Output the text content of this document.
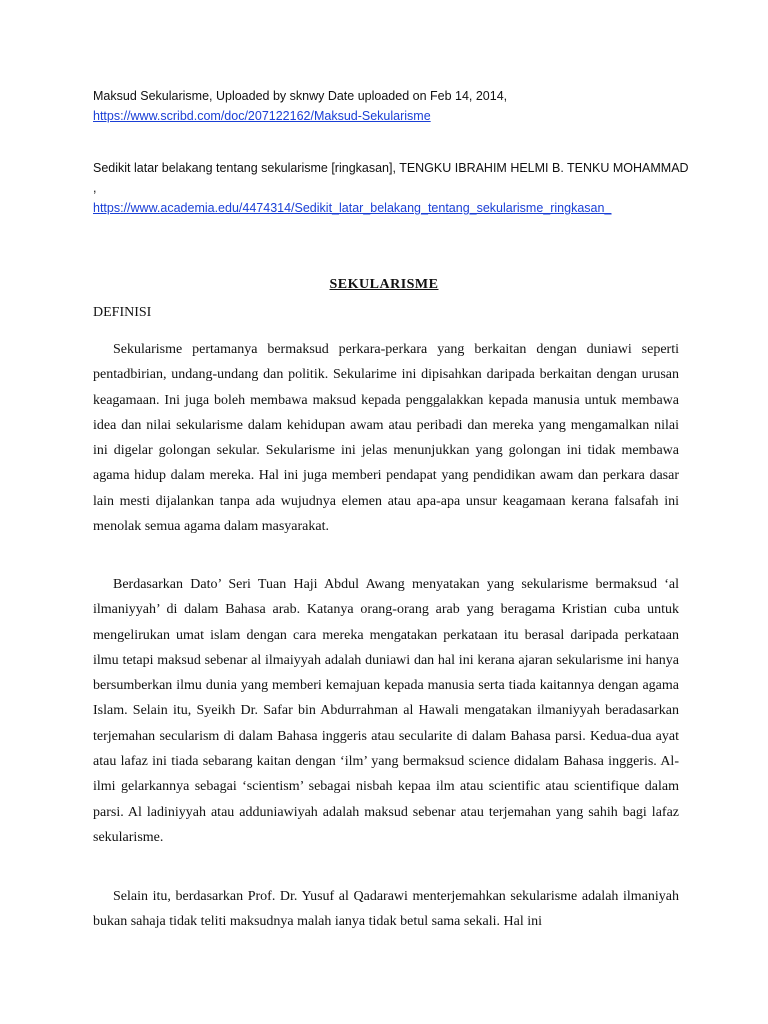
Maksud Sekularisme, Uploaded by sknwy Date uploaded on Feb 14, 2014,
https://www.scribd.com/doc/207122162/Maksud-Sekularisme
Sedikit latar belakang tentang sekularisme [ringkasan], TENGKU IBRAHIM HELMI B. TENKU MOHAMMAD ,
https://www.academia.edu/4474314/Sedikit_latar_belakang_tentang_sekularisme_ringkasan_
SEKULARISME
DEFINISI

Sekularisme pertamanya bermaksud perkara-perkara yang berkaitan dengan duniawi seperti pentadbirian, undang-undang dan politik. Sekularime ini dipisahkan daripada berkaitan dengan urusan keagamaan. Ini juga boleh membawa maksud kepada penggalakkan kepada manusia untuk membawa idea dan nilai sekularisme dalam kehidupan awam atau peribadi dan mereka yang mengamalkan nilai ini digelar golongan sekular. Sekularisme ini jelas menunjukkan yang golongan ini tidak membawa agama hidup dalam mereka. Hal ini juga memberi pendapat yang pendidikan awam dan perkara dasar lain mesti dijalankan tanpa ada wujudnya elemen atau apa-apa unsur keagamaan kerana falsafah ini menolak semua agama dalam masyarakat.

Berdasarkan Dato’ Seri Tuan Haji Abdul Awang menyatakan yang sekularisme bermaksud ‘al ilmaniyyah’ di dalam Bahasa arab. Katanya orang-orang arab yang beragama Kristian cuba untuk mengelirukan umat islam dengan cara mereka mengatakan perkataan itu berasal daripada perkataan ilmu tetapi maksud sebenar al ilmaiyyah adalah duniawi dan hal ini kerana ajaran sekularisme ini hanya bersumberkan ilmu dunia yang memberi kemajuan kepada manusia serta tiada kaitannya dengan agama Islam. Selain itu, Syeikh Dr. Safar bin Abdurrahman al Hawali mengatakan ilmaniyyah beradasarkan terjemahan secularism di dalam Bahasa inggeris atau secularite di dalam Bahasa parsi. Kedua-dua ayat atau lafaz ini tiada sebarang kaitan dengan ‘ilm’ yang bermaksud science didalam Bahasa inggeris. Al-ilmi gelarkannya sebagai ‘scientism’ sebagai nisbah kepaa ilm atau scientific atau scientifique dalam parsi. Al ladiniyyah atau adduniawiyah adalah maksud sebenar atau terjemahan yang sahih bagi lafaz sekularisme.

Selain itu, berdasarkan Prof. Dr. Yusuf al Qadarawi menterjemahkan sekularisme adalah ilmaniyah bukan sahaja tidak teliti maksudnya malah ianya tidak betul sama sekali. Hal ini
